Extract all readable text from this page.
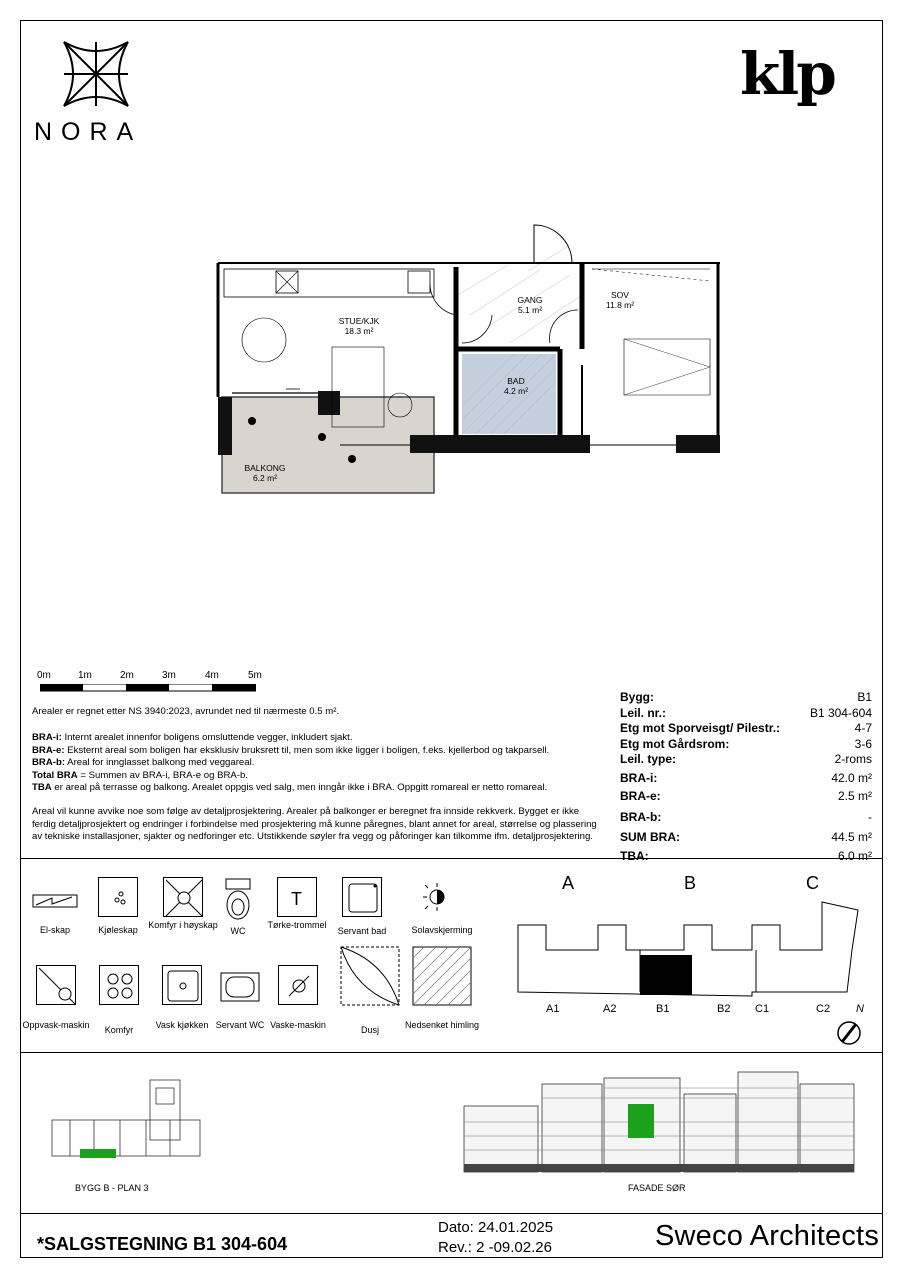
NORA
klp
STUE/KJK
18.3 m²
GANG
5.1 m²
SOV
11.8 m²
BAD
4.2 m²
BALKONG
6.2 m²
0m	1m	2m	3m	4m	5m

Arealer er regnet etter NS 3940:2023, avrundet ned til nærmeste 0.5 m².

BRA-i: Internt arealet innenfor boligens omsluttende vegger, inkludert sjakt.
BRA-e: Eksternt areal som boligen har eksklusiv bruksrett til, men som ikke ligger i boligen, f.eks. kjellerbod og takparsell.
BRA-b: Areal for innglasset balkong med veggareal.
Total BRA = Summen av BRA-i, BRA-e og BRA-b.
TBA er areal på terrasse og balkong. Arealet oppgis ved salg, men inngår ikke i BRA. Oppgitt romareal er netto romareal.

Areal vil kunne avvike noe som følge av detaljprosjektering. Arealer på balkonger er beregnet fra innside rekkverk. Bygget er ikke ferdig detaljprosjektert og endringer i forbindelse med prosjektering må kunne påregnes, blant annet for areal, størrelse og plassering av tekniske installasjoner, sjakter og nedforinger etc. Utstikkende søyler fra vegg og påforinger kan tilkomme ifm. detaljprosjektering.

Bygg:	B1
Leil. nr.:	B1 304-604
Etg mot Sporveisgt/ Pilestr.:	4-7
Etg mot Gårdsrom:	3-6
Leil. type:	2-roms
BRA-i:	42.0 m²
BRA-e:	2.5 m²
BRA-b:	-
SUM BRA:	44.5 m²
TBA:	6.0 m²
El-skap	Kjøleskap	Komfyr i høyskap
WC
T
Tørke-trommel
Servant bad	Solavskjerming
Oppvask-maskin	Komfyr	Vask kjøkken Servant WC Vaske-maskin	Dusj	Nedsenket himling
A	B	C
A1	A2	B1	B2 C1	C2 N
BYGG B - PLAN 3	FASADE SØR
*SALGSTEGNING B1 304-604
Dato: 24.01.2025
Rev.: 2 -09.02.26	Sweco Architects
